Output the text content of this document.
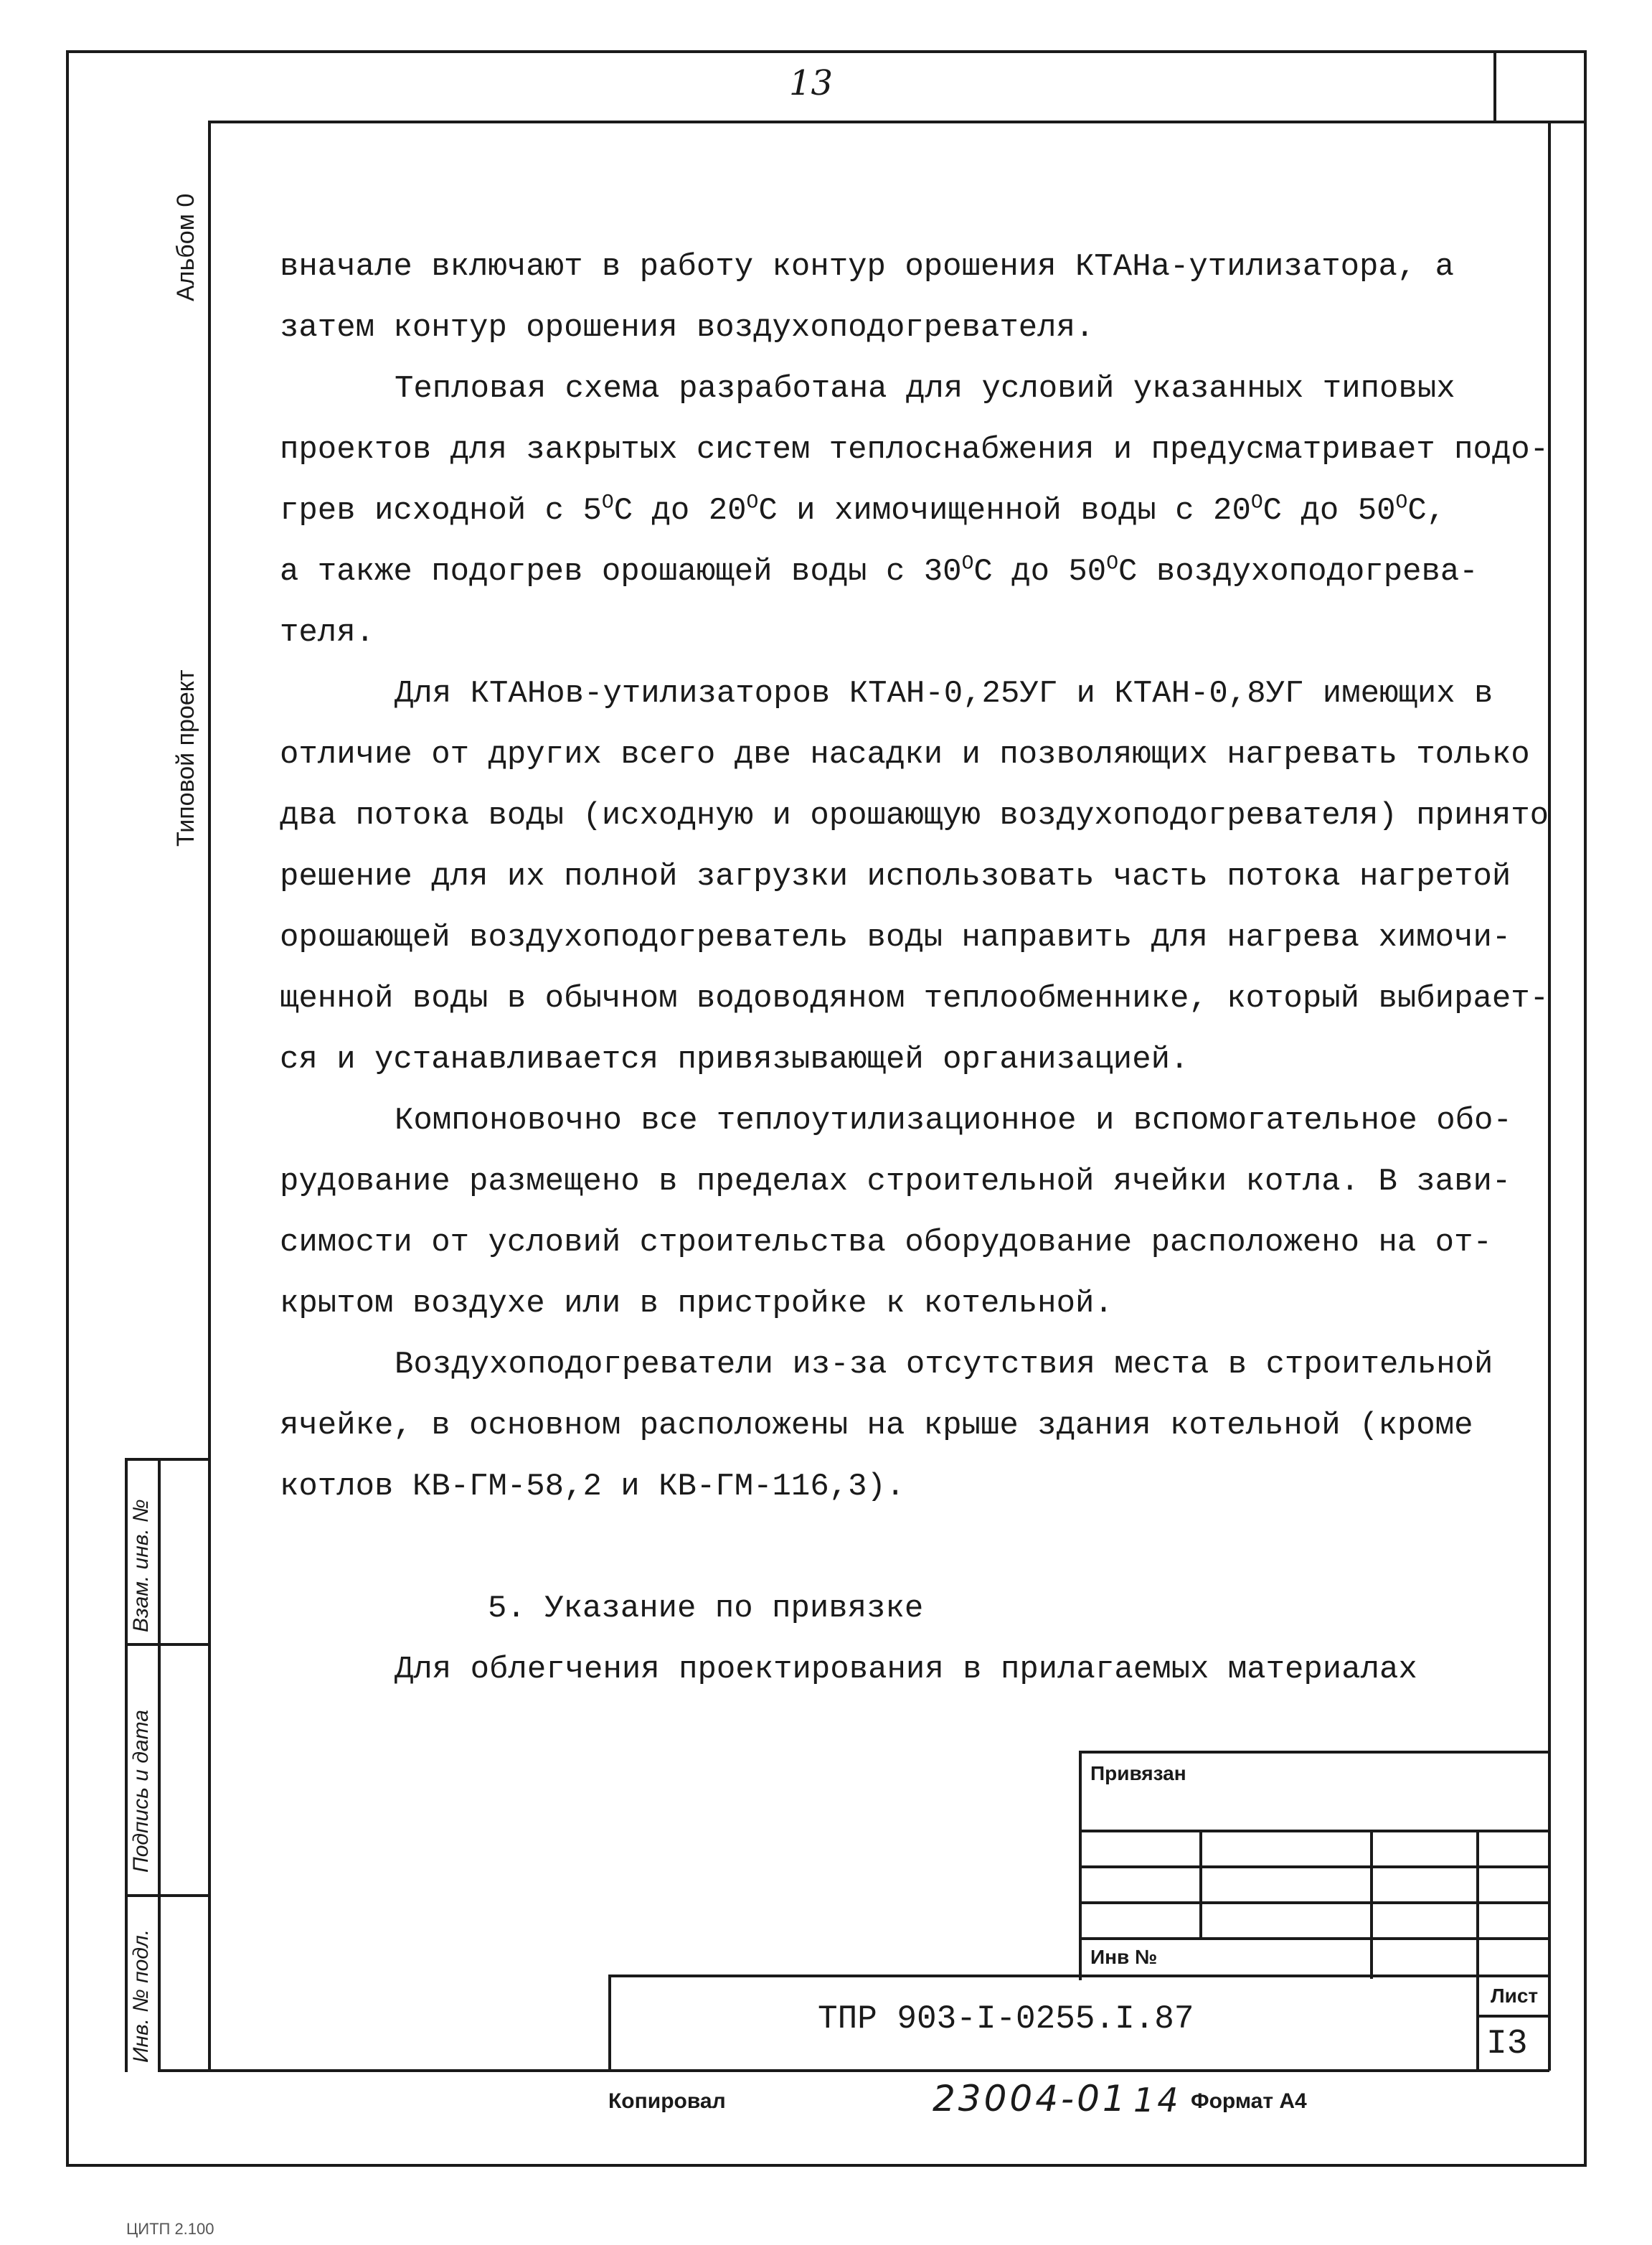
13
Альбом 0
Типовой проект
Взам. инв. №
Подпись и дата
Инв. № подл.

вначале включают в работу контур орошения КТАНа-утилизатора, а

затем контур орошения воздухоподогревателя.

Тепловая схема разработана для условий указанных типовых

проектов для закрытых систем теплоснабжения и предусматривает подо-

грев исходной с $5^OС$ до $20^OС$ и химочищенной воды с $20^OС$ до $50^OС$,

а также подогрев орошающей воды с $30^OС$ до $50^OС$ воздухоподогрева-

теля.

Для КТАНов-утилизаторов КТАН-0,25УГ и КТАН-0,8УГ имеющих в

отличие от других всего две насадки и позволяющих нагревать только

два потока воды (исходную и орошающую воздухоподогревателя) принято

решение для их полной загрузки использовать часть потока нагретой

орошающей воздухоподогреватель воды направить для нагрева химочи-

щенной воды в обычном водоводяном теплообменнике, который выбирает-

ся и устанавливается привязывающей организацией.

Компоновочно все теплоутилизационное и вспомогательное обо-

рудование размещено в пределах строительной ячейки котла. В зави-

симости от условий строительства оборудование расположено на от-

крытом воздухе или в пристройке к котельной.

Воздухоподогреватели из-за отсутствия места в строительной

ячейке, в основном расположены на крыше здания котельной (кроме

котлов КВ-ГМ-58,2 и КВ-ГМ-116,3).

5. Указание по привязке

Для облегчения проектирования в прилагаемых материалах

Привязан
Инв №
ТПР 903-I-0255.I.87
Лист
I3
Копировал	23004-01 14 Формат А4
ЦИТП 2.100
